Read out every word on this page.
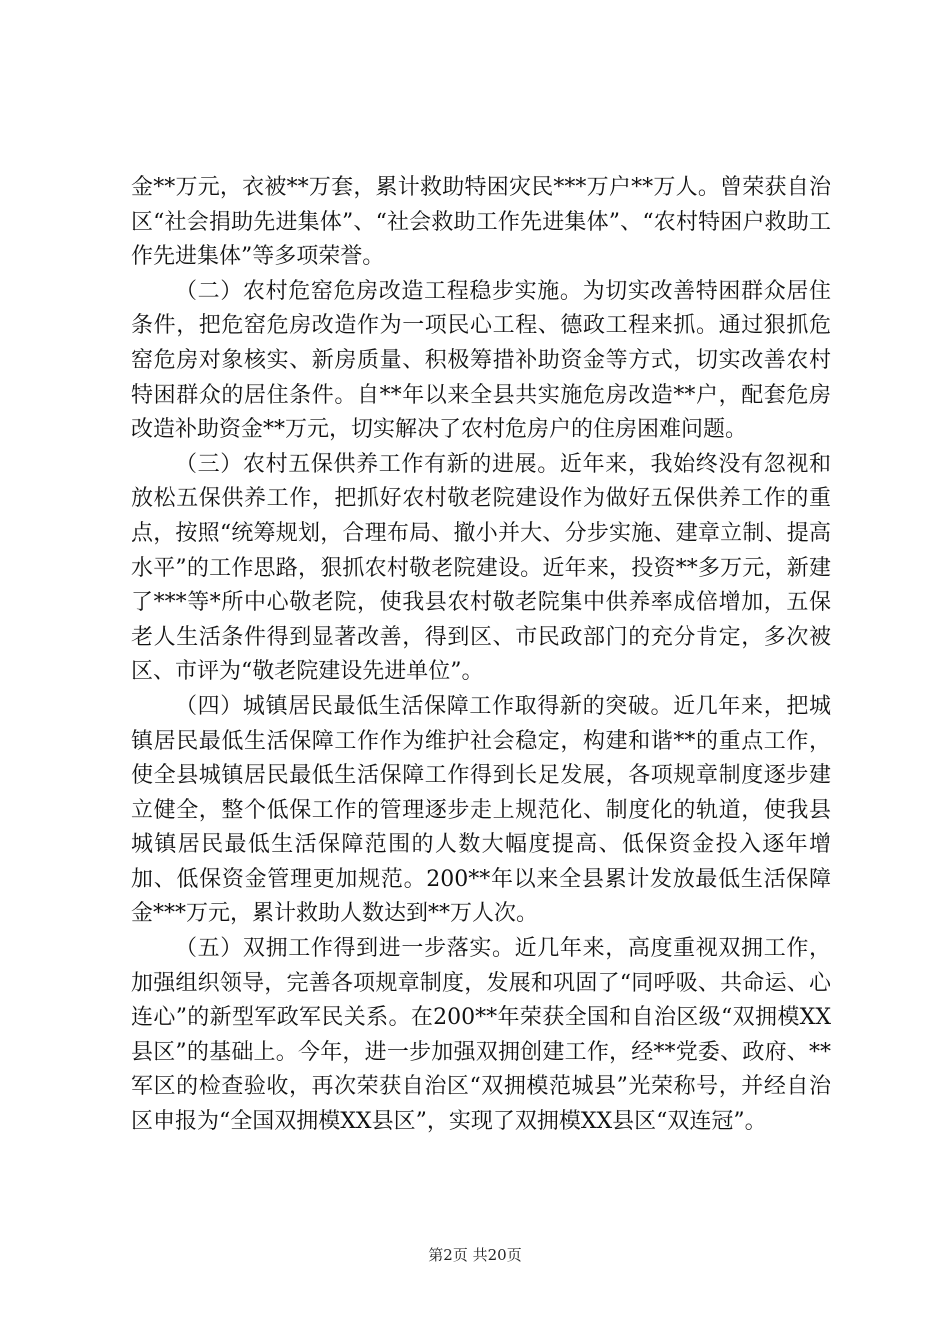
金**万元，衣被**万套，累计救助特困灾民***万户**万人。曾荣获自治区“社会捐助先进集体”、“社会救助工作先进集体”、“农村特困户救助工作先进集体”等多项荣誉。

（二）农村危窑危房改造工程稳步实施。为切实改善特困群众居住条件，把危窑危房改造作为一项民心工程、德政工程来抓。通过狠抓危窑危房对象核实、新房质量、积极筹措补助资金等方式，切实改善农村特困群众的居住条件。自**年以来全县共实施危房改造**户，配套危房改造补助资金**万元，切实解决了农村危房户的住房困难问题。

（三）农村五保供养工作有新的进展。近年来，我始终没有忽视和放松五保供养工作，把抓好农村敬老院建设作为做好五保供养工作的重点，按照“统筹规划，合理布局、撤小并大、分步实施、建章立制、提高水平”的工作思路，狠抓农村敬老院建设。近年来，投资**多万元，新建了***等*所中心敬老院，使我县农村敬老院集中供养率成倍增加，五保老人生活条件得到显著改善，得到区、市民政部门的充分肯定，多次被区、市评为“敬老院建设先进单位”。

（四）城镇居民最低生活保障工作取得新的突破。近几年来，把城镇居民最低生活保障工作作为维护社会稳定，构建和谐**的重点工作，使全县城镇居民最低生活保障工作得到长足发展，各项规章制度逐步建立健全，整个低保工作的管理逐步走上规范化、制度化的轨道，使我县城镇居民最低生活保障范围的人数大幅度提高、低保资金投入逐年增加、低保资金管理更加规范。200**年以来全县累计发放最低生活保障金***万元，累计救助人数达到**万人次。

（五）双拥工作得到进一步落实。近几年来，高度重视双拥工作，加强组织领导，完善各项规章制度，发展和巩固了“同呼吸、共命运、心连心”的新型军政军民关系。在200**年荣获全国和自治区级“双拥模XX县区”的基础上。今年，进一步加强双拥创建工作，经**党委、政府、**军区的检查验收，再次荣获自治区“双拥模范城县”光荣称号，并经自治区申报为“全国双拥模XX县区”，实现了双拥模XX县区“双连冠”。

第2页 共20页
